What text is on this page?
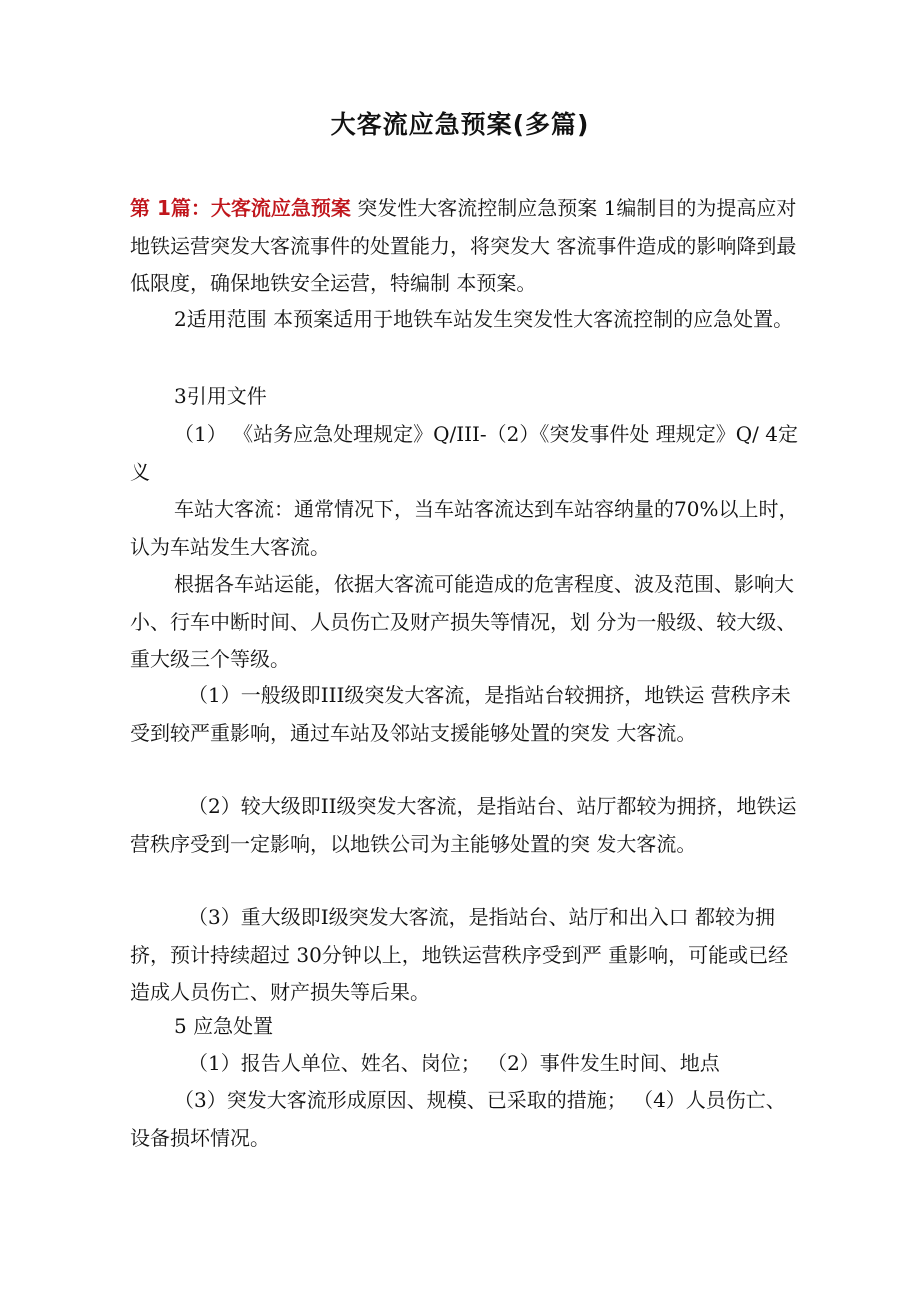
大客流应急预案(多篇)

第 1篇：大客流应急预案 突发性大客流控制应急预案 1编制目的为提高应对地铁运营突发大客流事件的处置能力，将突发大 客流事件造成的影响降到最低限度，确保地铁安全运营，特编制 本预案。

2适用范围 本预案适用于地铁车站发生突发性大客流控制的应急处置。

3引用文件

（1） 《站务应急处理规定》Q/III-（2）《突发事件处 理规定》Q/ 4定义

车站大客流：通常情况下，当车站客流达到车站容纳量的70%以上时，认为车站发生大客流。

根据各车站运能，依据大客流可能造成的危害程度、波及范围、影响大小、行车中断时间、人员伤亡及财产损失等情况，划 分为一般级、较大级、重大级三个等级。

（1）一般级即III级突发大客流，是指站台较拥挤，地铁运 营秩序未受到较严重影响，通过车站及邻站支援能够处置的突发 大客流。

（2）较大级即II级突发大客流，是指站台、站厅都较为拥挤，地铁运营秩序受到一定影响，以地铁公司为主能够处置的突 发大客流。

（3）重大级即Ⅰ级突发大客流，是指站台、站厅和出入口 都较为拥挤，预计持续超过 30分钟以上，地铁运营秩序受到严 重影响，可能或已经造成人员伤亡、财产损失等后果。

5 应急处置

（1）报告人单位、姓名、岗位； （2）事件发生时间、地点

（3）突发大客流形成原因、规模、已采取的措施； （4）人员伤亡、设备损坏情况。
